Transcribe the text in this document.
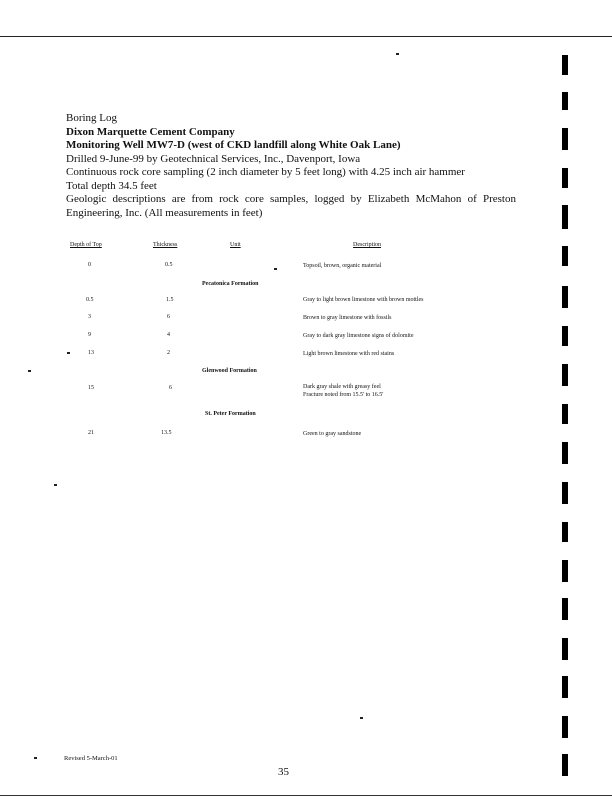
Boring Log
Dixon Marquette Cement Company
Monitoring Well MW7-D (west of CKD landfill along White Oak Lane)
Drilled 9-June-99 by Geotechnical Services, Inc., Davenport, Iowa
Continuous rock core sampling (2 inch diameter by 5 feet long) with 4.25 inch air hammer
Total depth 34.5 feet
Geologic descriptions are from rock core samples, logged by Elizabeth McMahon of Preston Engineering, Inc. (All measurements in feet)
Depth of Top	Thickness	Unit	Description
0	0.5	Topsoil, brown, organic material
Pecatonica Formation
0.5	1.5	Gray to light brown limestone with brown mottles
3	6	Brown to gray limestone with fossils
9	4	Gray to dark gray limestone signs of dolomite
13	2	Light brown limestone with red stains
Glenwood Formation
15	6	Dark gray shale with greasy feel
Fracture noted from 15.5' to 16.5'
St. Peter Formation
21	13.5	Green to gray sandstone
Revised 5-March-01
35
